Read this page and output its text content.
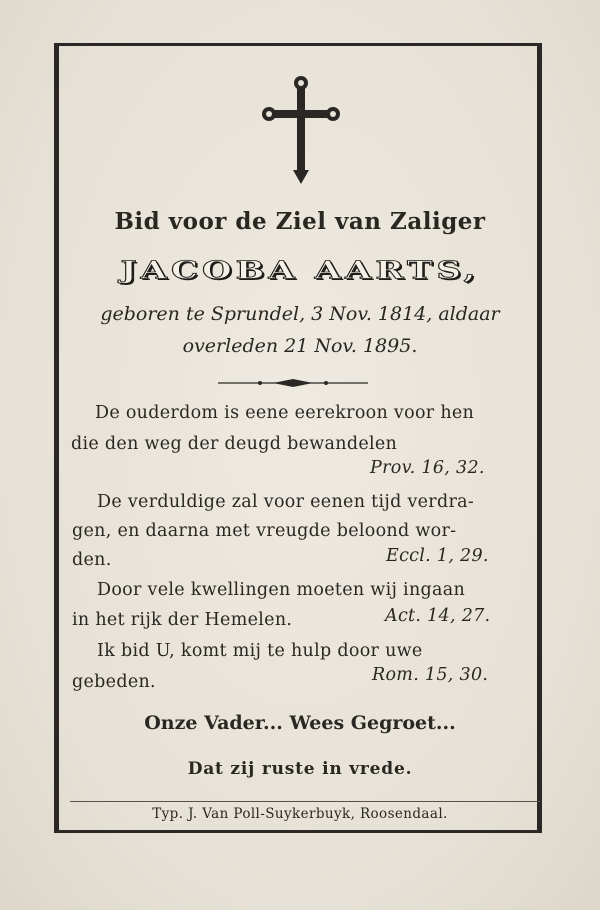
Bid voor de Ziel van Zaliger
JACOBA AARTS,
geboren te Sprundel, 3 Nov. 1814, aldaar
overleden 21 Nov. 1895.
De ouderdom is eene eerekroon voor hen
die den weg der deugd bewandelen
Prov. 16, 32.
De verduldige zal voor eenen tijd verdra-
gen, en daarna met vreugde beloond wor-
den.	Eccl. 1, 29.
Door vele kwellingen moeten wij ingaan
in het rijk der Hemelen.	Act. 14, 27.
Ik bid U, komt mij te hulp door uwe
gebeden.	Rom. 15, 30.
Onze Vader... Wees Gegroet...
Dat zij ruste in vrede.
Typ. J. Van Poll-Suykerbuyk, Roosendaal.
